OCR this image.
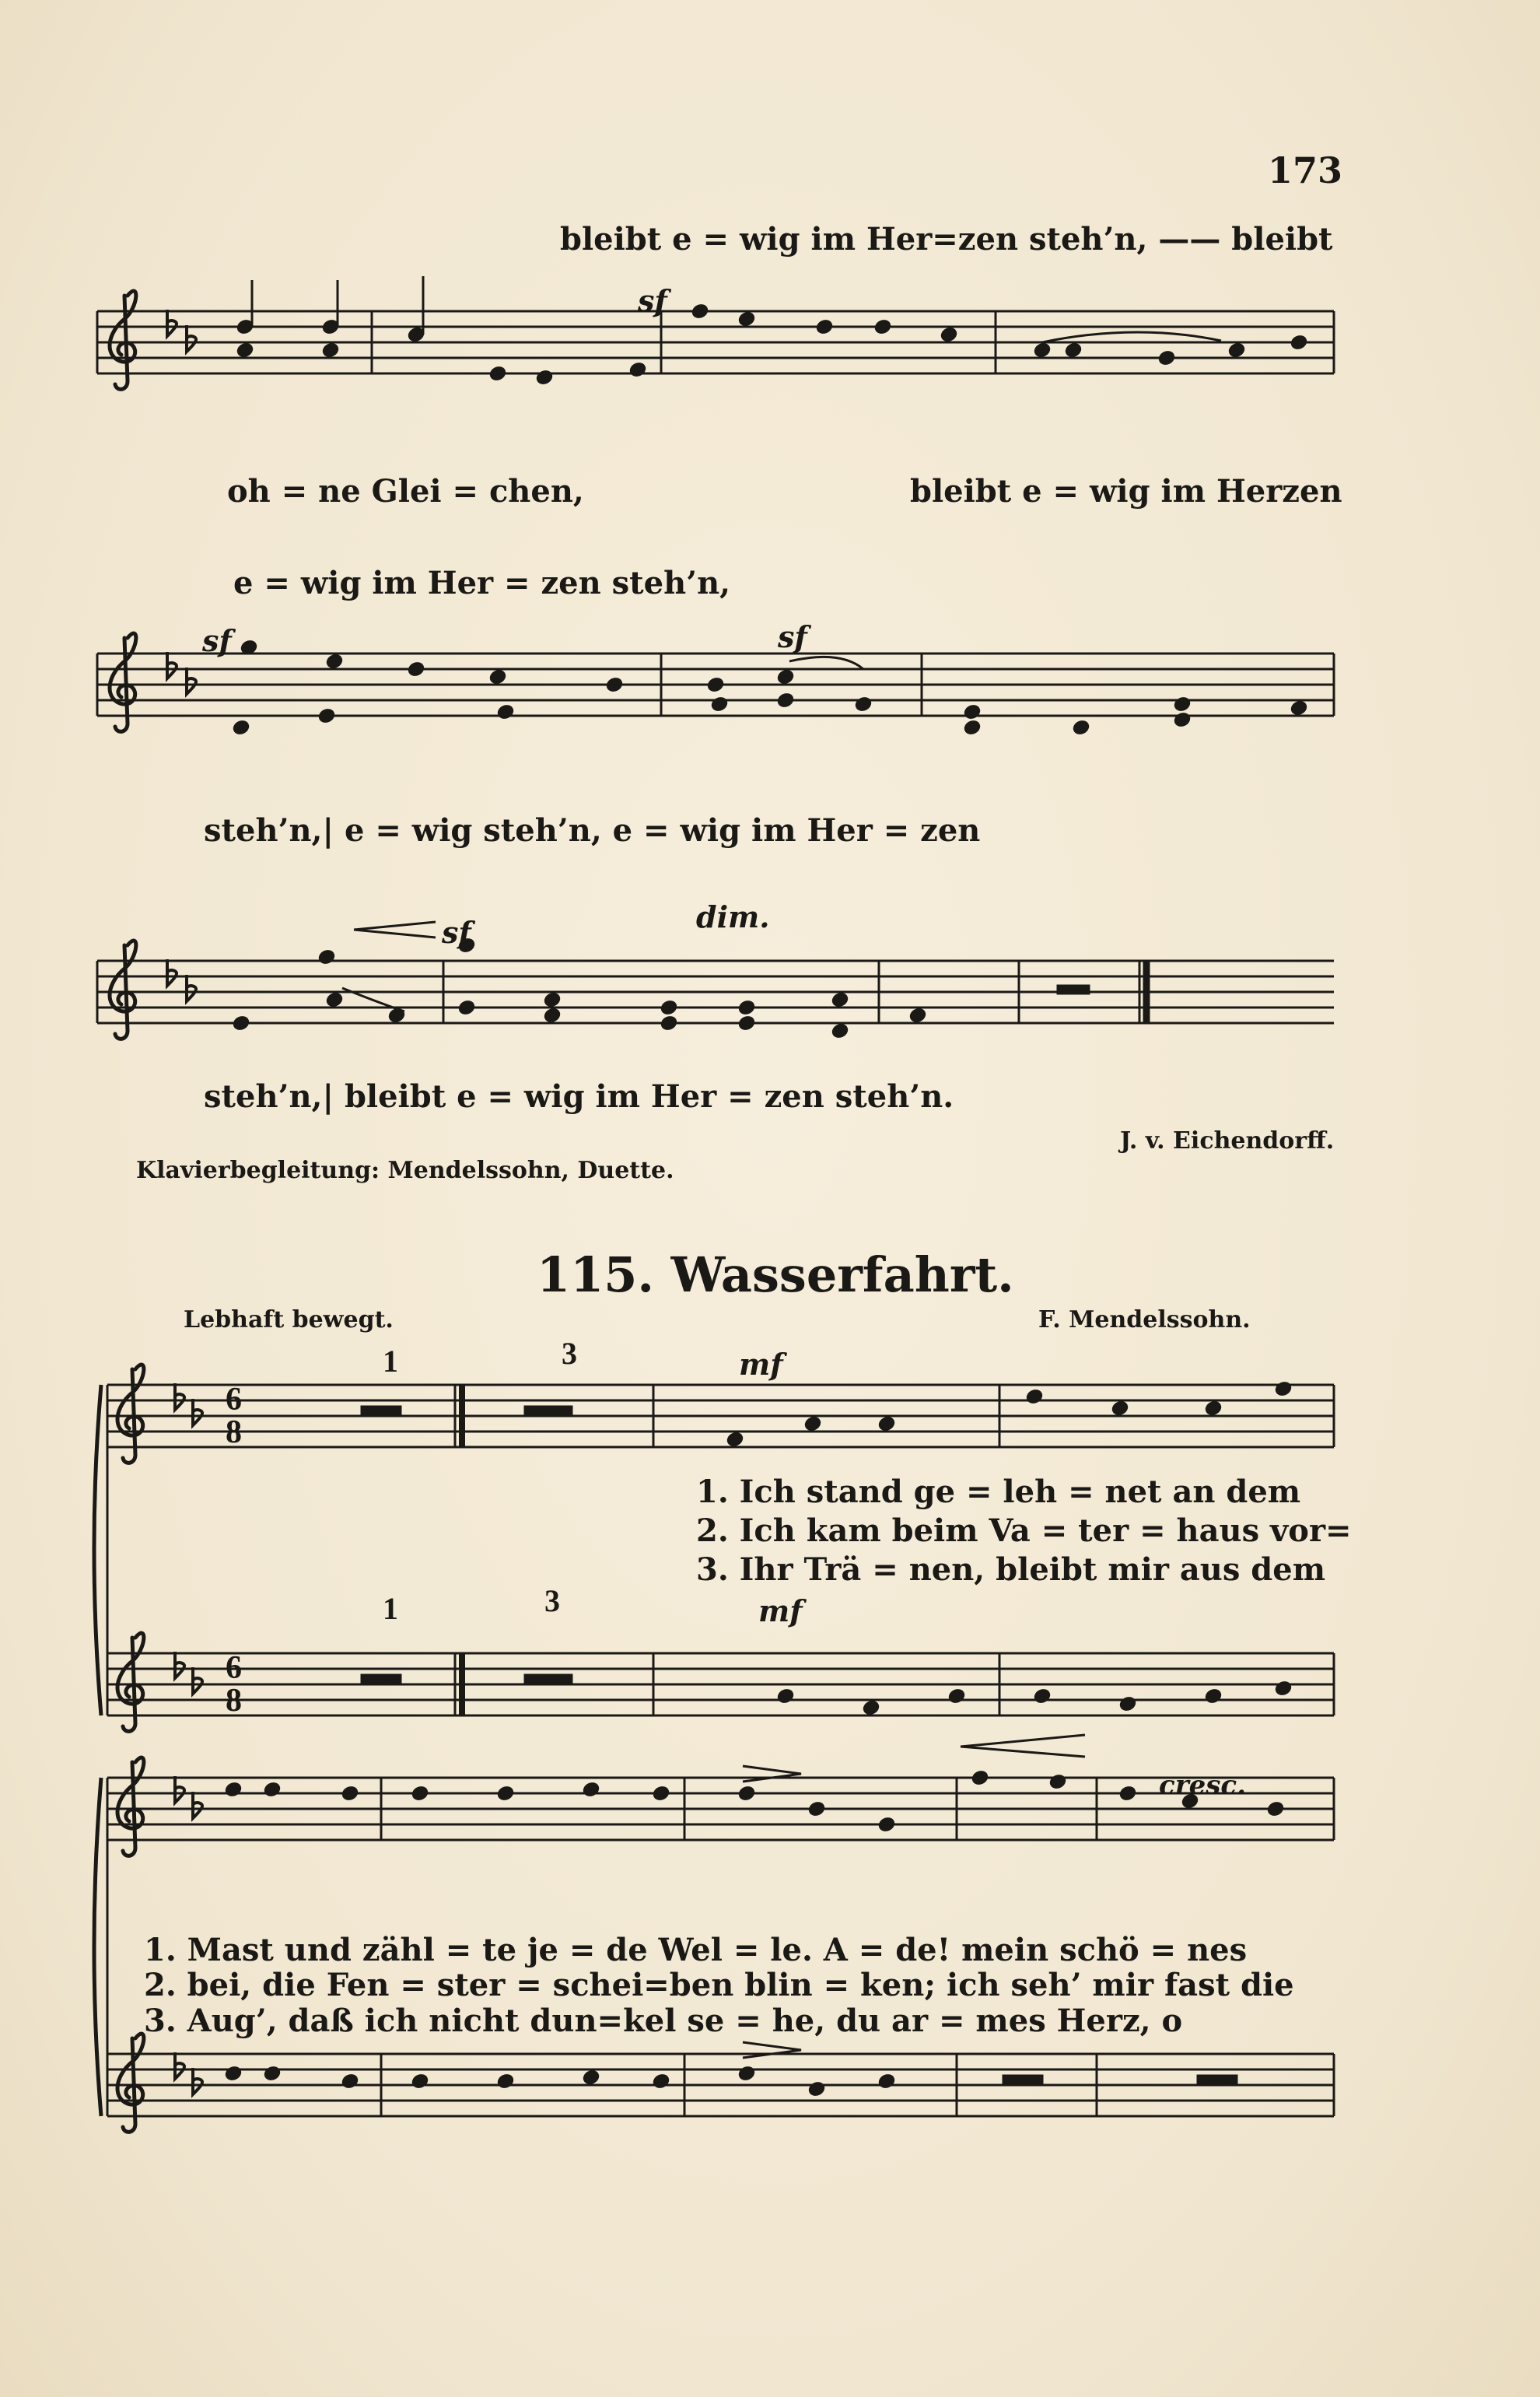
173
bleibt e = wig im Her=zen steh’n, —— bleibt
sf
oh = ne Glei = chen,	bleibt e = wig im Herzen
e = wig im Her = zen steh’n,
sf	sf
steh’n,| e = wig steh’n, e = wig im Her = zen
sf	dim.
steh’n,| bleibt e = wig im Her = zen steh’n.
J. v. Eichendorff.
Klavierbegleitung: Mendelssohn, Duette.
115. Wasserfahrt.
Lebhaft bewegt.	F. Mendelssohn.
6
8
6
8
1	3
1	3
mf
mf
cresc.
1. Ich stand ge = leh = net an dem
2. Ich kam beim Va = ter = haus vor=
3. Ihr Trä = nen, bleibt mir aus dem
1. Mast und zähl = te je = de Wel = le. A = de! mein schö = nes
2. bei, die Fen = ster = schei=ben blin = ken; ich seh’ mir fast die
3. Aug’, daß ich nicht dun=kel se = he, du ar = mes Herz, o
